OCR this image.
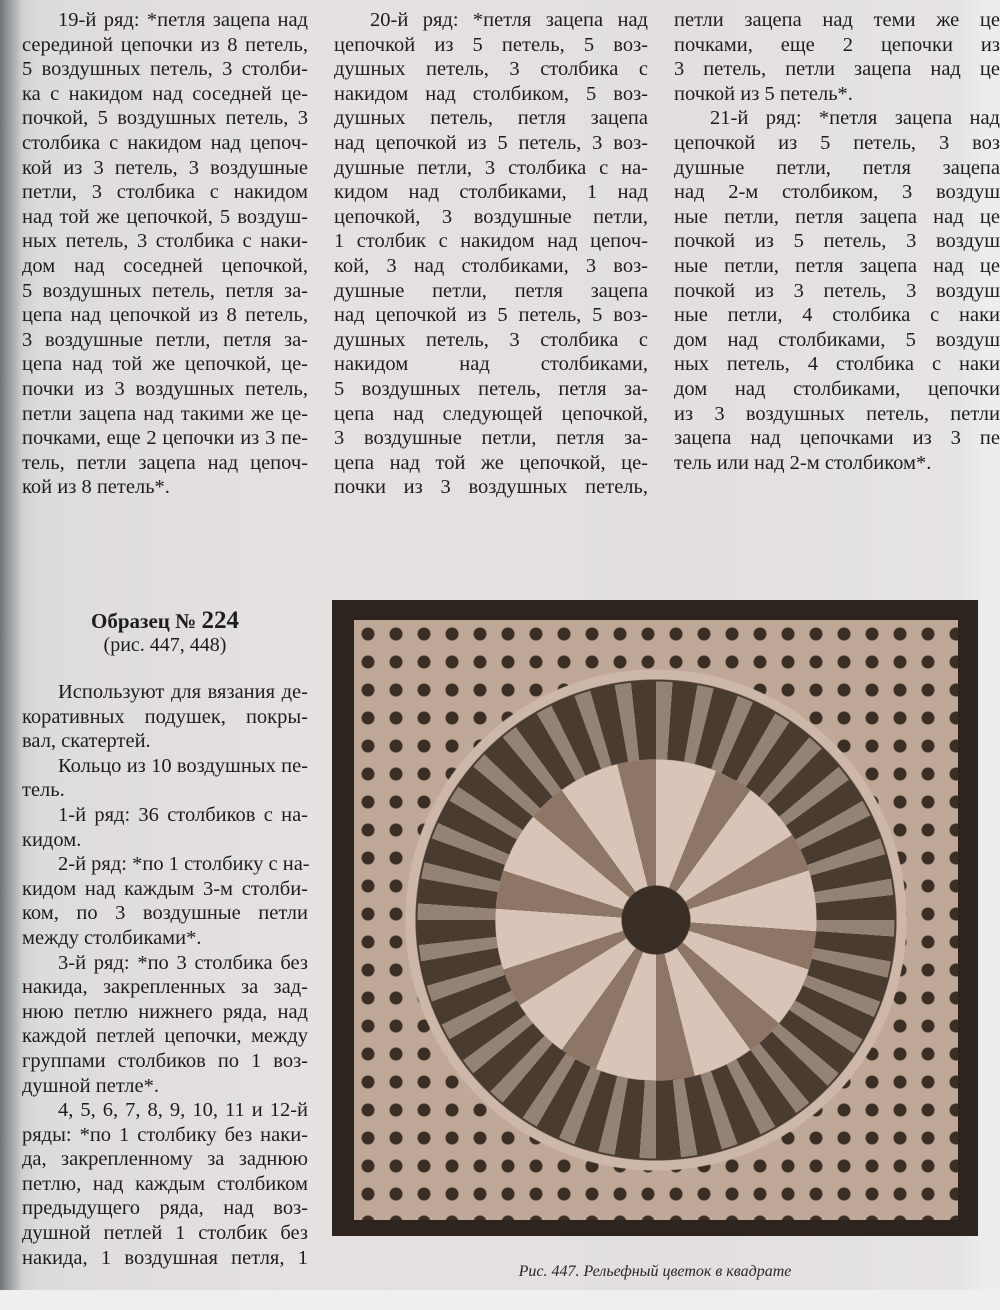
19-й ряд: *петля зацепа над
серединой цепочки из 8 петель,
5 воздушных петель, 3 столби-
ка с накидом над соседней це-
почкой, 5 воздушных петель, 3
столбика с накидом над цепоч-
кой из 3 петель, 3 воздушные
петли, 3 столбика с накидом
над той же цепочкой, 5 воздуш-
ных петель, 3 столбика с наки-
дом над соседней цепочкой,
5 воздушных петель, петля за-
цепа над цепочкой из 8 петель,
3 воздушные петли, петля за-
цепа над той же цепочкой, це-
почки из 3 воздушных петель,
петли зацепа над такими же це-
почками, еще 2 цепочки из 3 пе-
тель, петли зацепа над цепоч-
кой из 8 петель*.
20-й ряд: *петля зацепа над
цепочкой из 5 петель, 5 воз-
душных петель, 3 столбика с
накидом над столбиком, 5 воз-
душных петель, петля зацепа
над цепочкой из 5 петель, 3 воз-
душные петли, 3 столбика с на-
кидом над столбиками, 1 над
цепочкой, 3 воздушные петли,
1 столбик с накидом над цепоч-
кой, 3 над столбиками, 3 воз-
душные петли, петля зацепа
над цепочкой из 5 петель, 5 воз-
душных петель, 3 столбика с
накидом над столбиками,
5 воздушных петель, петля за-
цепа над следующей цепочкой,
3 воздушные петли, петля за-
цепа над той же цепочкой, це-
почки из 3 воздушных петель,
петли зацепа над теми же це
почками, еще 2 цепочки из
3 петель, петли зацепа над це
почкой из 5 петель*.
21-й ряд: *петля зацепа над
цепочкой из 5 петель, 3 воз
душные петли, петля зацепа
над 2-м столбиком, 3 воздуш
ные петли, петля зацепа над це
почкой из 5 петель, 3 воздуш
ные петли, петля зацепа над це
почкой из 3 петель, 3 воздуш
ные петли, 4 столбика с наки
дом над столбиками, 5 воздуш
ных петель, 4 столбика с наки
дом над столбиками, цепочки
из 3 воздушных петель, петли
зацепа над цепочками из 3 пе
тель или над 2-м столбиком*.
Образец № 224
(рис. 447, 448)
Используют для вязания де-
коративных подушек, покры-
вал, скатертей.
Кольцо из 10 воздушных пе-
тель.
1-й ряд: 36 столбиков с на-
кидом.
2-й ряд: *по 1 столбику с на-
кидом над каждым 3-м столби-
ком, по 3 воздушные петли
между столбиками*.
3-й ряд: *по 3 столбика без
накида, закрепленных за зад-
нюю петлю нижнего ряда, над
каждой петлей цепочки, между
группами столбиков по 1 воз-
душной петле*.
4, 5, 6, 7, 8, 9, 10, 11 и 12-й
ряды: *по 1 столбику без наки-
да, закрепленному за заднюю
петлю, над каждым столбиком
предыдущего ряда, над воз-
душной петлей 1 столбик без
накида, 1 воздушная петля, 1
Рис. 447. Рельефный цветок в квадрате
